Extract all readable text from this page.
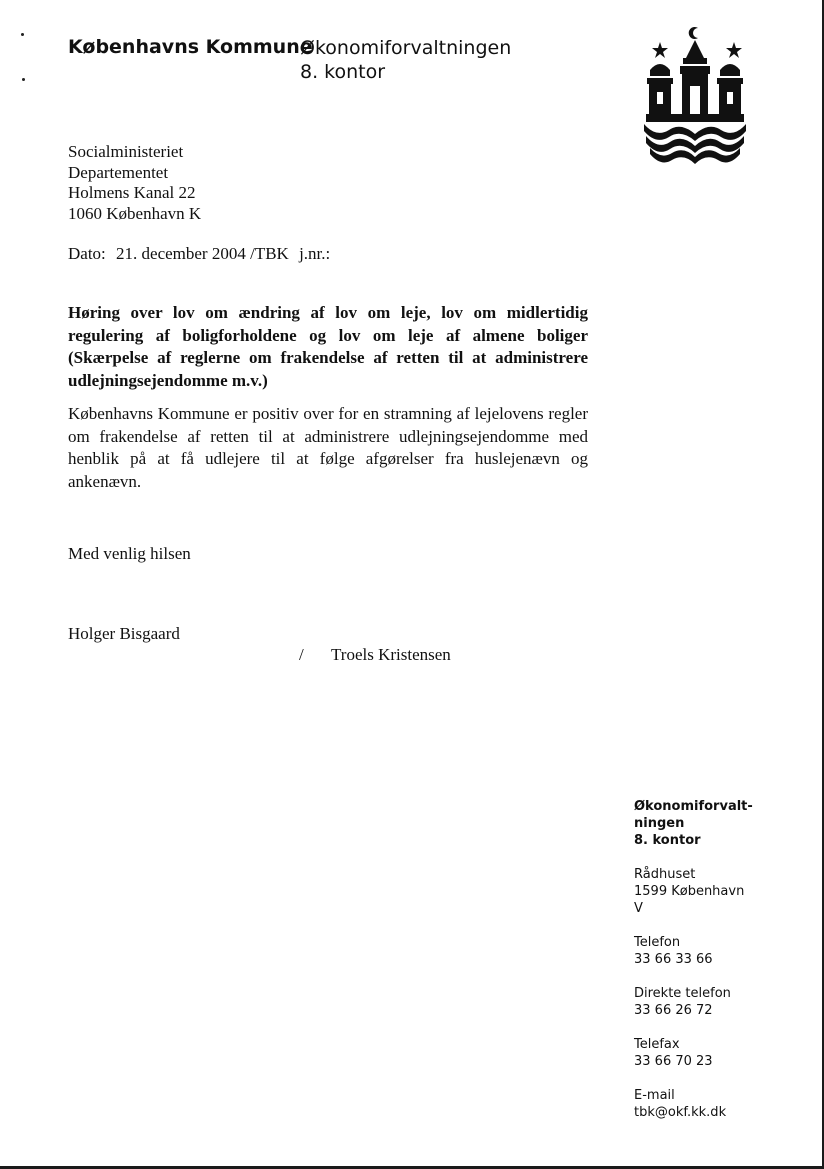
Københavns Kommune
Økonomiforvaltningen
8. kontor
Socialministeriet
Departementet
Holmens Kanal 22
1060 København K
Dato: 21. december 2004 /TBK j.nr.:
Høring over lov om ændring af lov om leje, lov om midlertidig regulering af boligforholdene og lov om leje af almene boliger (Skærpelse af reglerne om frakendelse af retten til at administrere udlejningsejendomme m.v.)
Københavns Kommune er positiv over for en stramning af lejelovens regler om frakendelse af retten til at administrere udlejningsejendomme med henblik på at få udlejere til at følge afgørelser fra huslejenævn og ankenævn.
Med venlig hilsen
Holger Bisgaard
/ Troels Kristensen
Økonomiforvalt-
ningen
8. kontor
Rådhuset
1599 København
V
Telefon
33 66 33 66
Direkte telefon
33 66 26 72
Telefax
33 66 70 23
E-mail
tbk@okf.kk.dk
